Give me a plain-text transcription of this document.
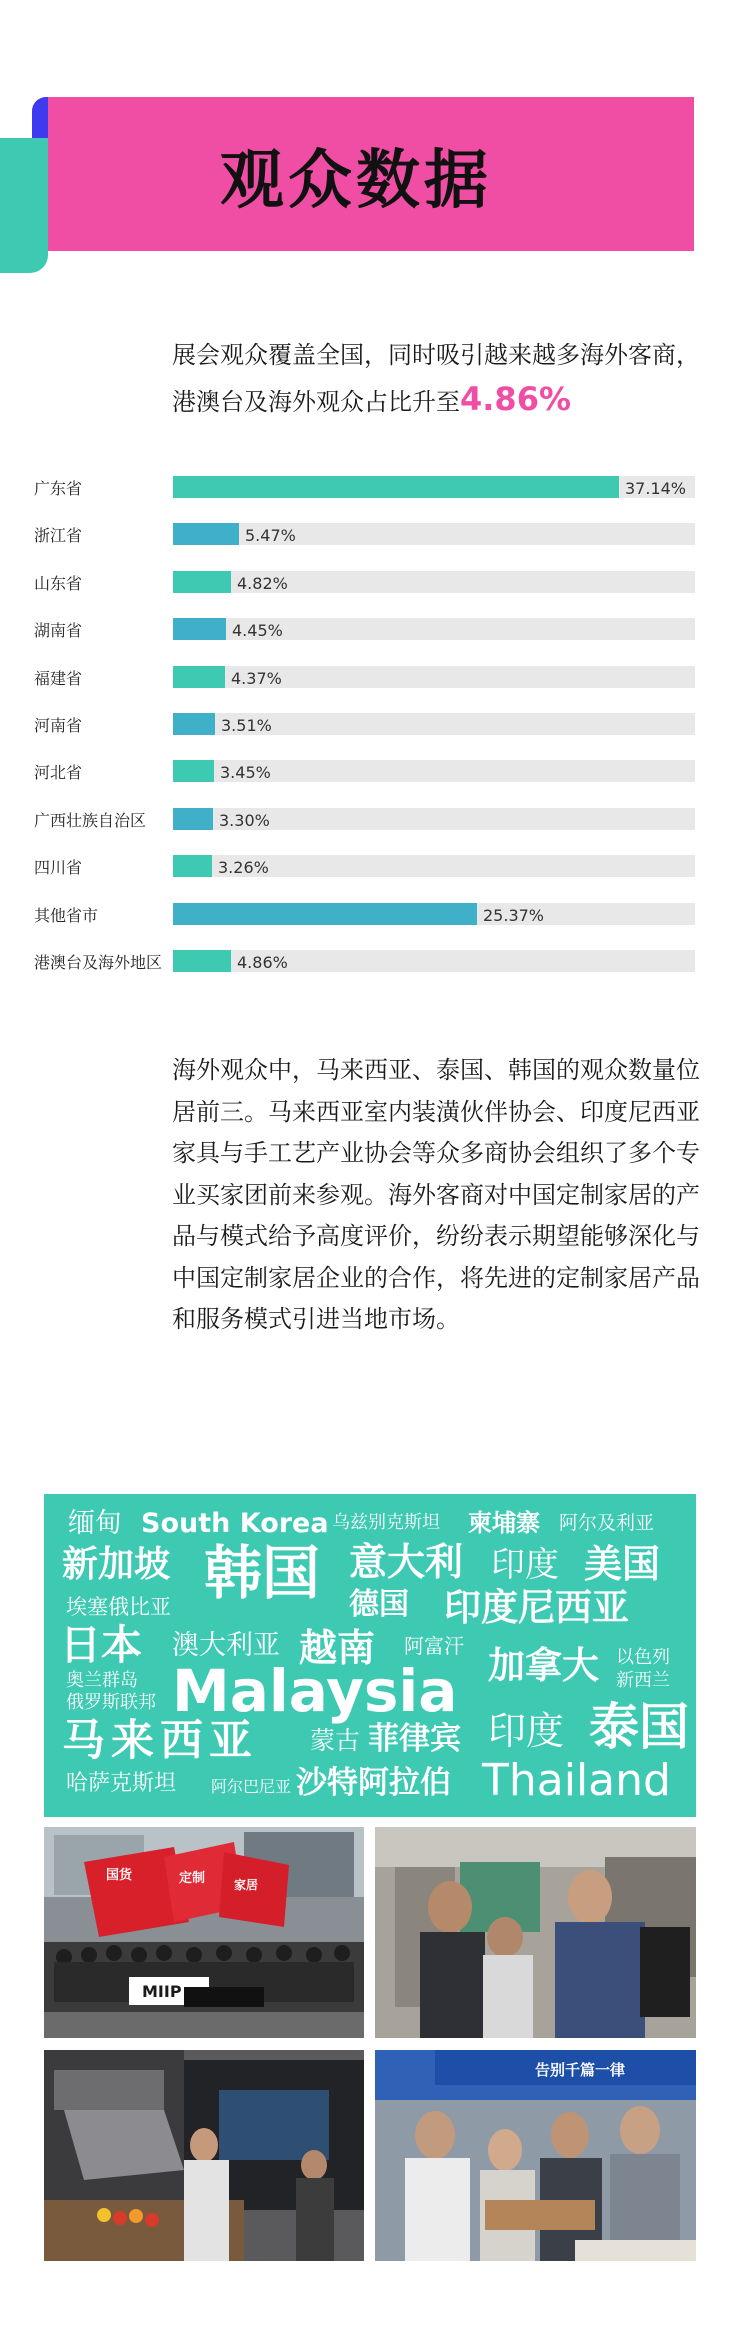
观众数据
展会观众覆盖全国，同时吸引越来越多海外客商，港澳台及海外观众占比升至4.86%
广东省	37.14%
浙江省	5.47%
山东省	4.82%
湖南省	4.45%
福建省	4.37%
河南省	3.51%
河北省	3.45%
广西壮族自治区	3.30%
四川省	3.26%
其他省市	25.37%
港澳台及海外地区	4.86%
海外观众中，马来西亚、泰国、韩国的观众数量位居前三。马来西亚室内装潢伙伴协会、印度尼西亚家具与手工艺产业协会等众多商协会组织了多个专业买家团前来参观。海外客商对中国定制家居的产品与模式给予高度评价，纷纷表示期望能够深化与中国定制家居企业的合作，将先进的定制家居产品和服务模式引进当地市场。
缅甸 South Korea 乌兹别克斯坦 柬埔寨 阿尔及利亚
新加坡 韩国 意大利 印度 美国
埃塞俄比亚	德国 印度尼西亚
日本 澳大利亚 越南 阿富汗 加拿大 以色列
新西兰
奥兰群岛
俄罗斯联邦 Malaysia
马来西亚 蒙古 菲律宾 印度 泰国
哈萨克斯坦 阿尔巴尼亚 沙特阿拉伯 Thailand
国货	定制 家居
MIIP
告别千篇一律
